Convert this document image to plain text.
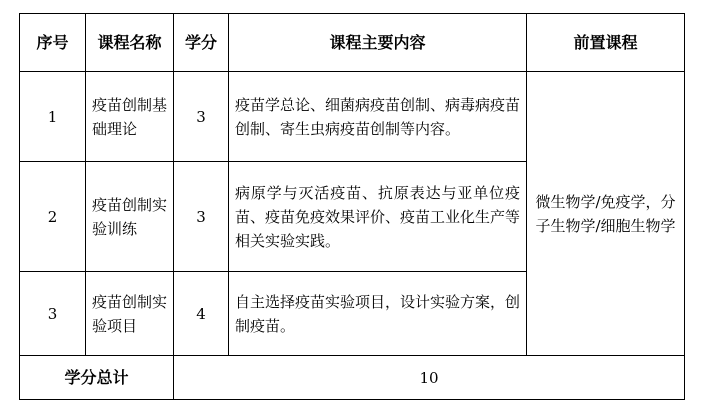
序号	课程名称	学分	课程主要内容	前置课程
1	疫苗创制基础理论	3	疫苗学总论、细菌病疫苗创制、病毒病疫苗创制、寄生虫病疫苗创制等内容。	微生物学/免疫学，分子生物学/细胞生物学
2	疫苗创制实验训练	3	病原学与灭活疫苗、抗原表达与亚单位疫苗、疫苗免疫效果评价、疫苗工业化生产等相关实验实践。	
3	疫苗创制实验项目	4	自主选择疫苗实验项目，设计实验方案，创制疫苗。	
学分总计		10		
